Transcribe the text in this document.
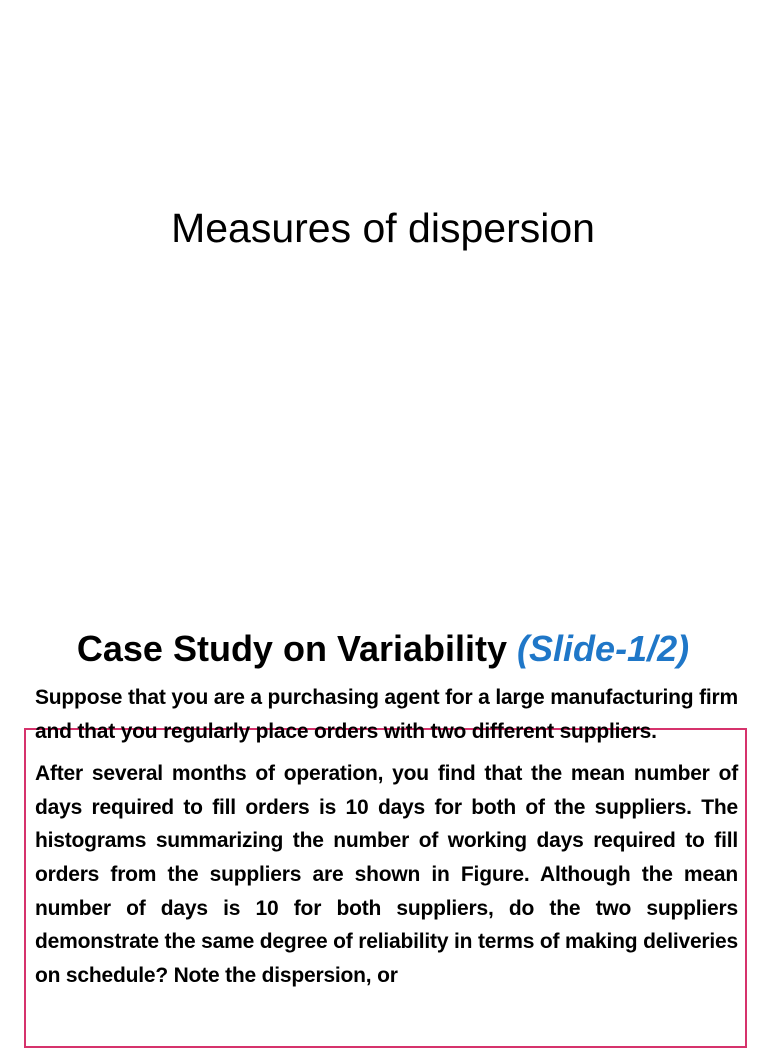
Measures of dispersion
Case Study on Variability (Slide-1/2)

Suppose that you are a purchasing agent for a large manufacturing firm and that you regularly place orders with two different suppliers.

After several months of operation, you find that the mean number of days required to fill orders is 10 days for both of the suppliers. The histograms summarizing the number of working days required to fill orders from the suppliers are shown in Figure. Although the mean number of days is 10 for both suppliers, do the two suppliers demonstrate the same degree of reliability in terms of making deliveries on schedule? Note the dispersion, or
